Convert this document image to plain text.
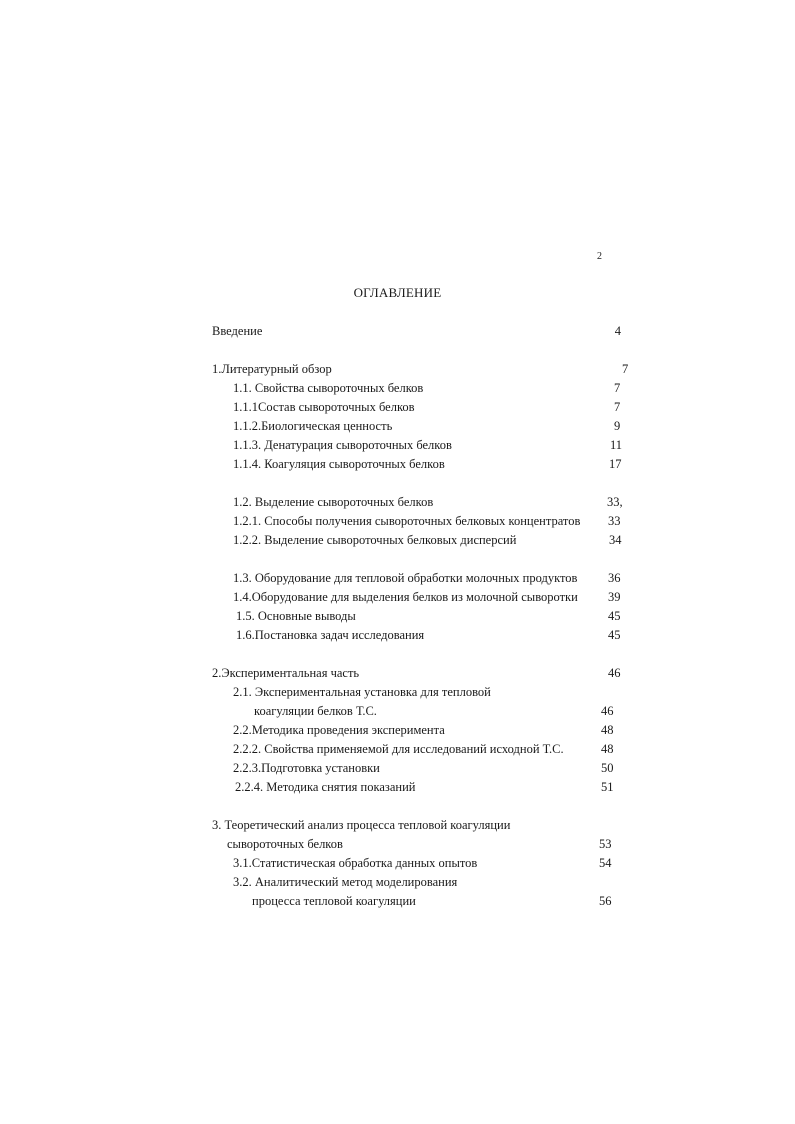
2
ОГЛАВЛЕНИЕ
Введение	4
1.Литературный обзор	7
1.1. Свойства сывороточных белков	7
1.1.1Состав сывороточных белков	7
1.1.2.Биологическая ценность	9
1.1.3. Денатурация сывороточных белков	11
1.1.4. Коагуляция сывороточных белков	17
1.2. Выделение сывороточных белков	33,
1.2.1. Способы получения сывороточных белковых концентратов 33
1.2.2. Выделение сывороточных белковых дисперсий	34
1.3. Оборудование для тепловой обработки молочных продуктов 36
1.4.Оборудование для выделения белков из молочной сыворотки 39
1.5. Основные выводы	45
1.6.Постановка задач исследования	45
2.Экспериментальная часть	46
2.1. Экспериментальная установка для тепловой
коагуляции белков Т.С.	46
2.2.Методика проведения эксперимента	48
2.2.2. Свойства применяемой для исследований исходной Т.С.	48
2.2.3.Подготовка установки	50
2.2.4. Методика снятия показаний	51
3. Теоретический анализ процесса тепловой коагуляции
сывороточных белков	53
3.1.Статистическая обработка данных опытов	54
3.2. Аналитический метод моделирования
процесса тепловой коагуляции	56
